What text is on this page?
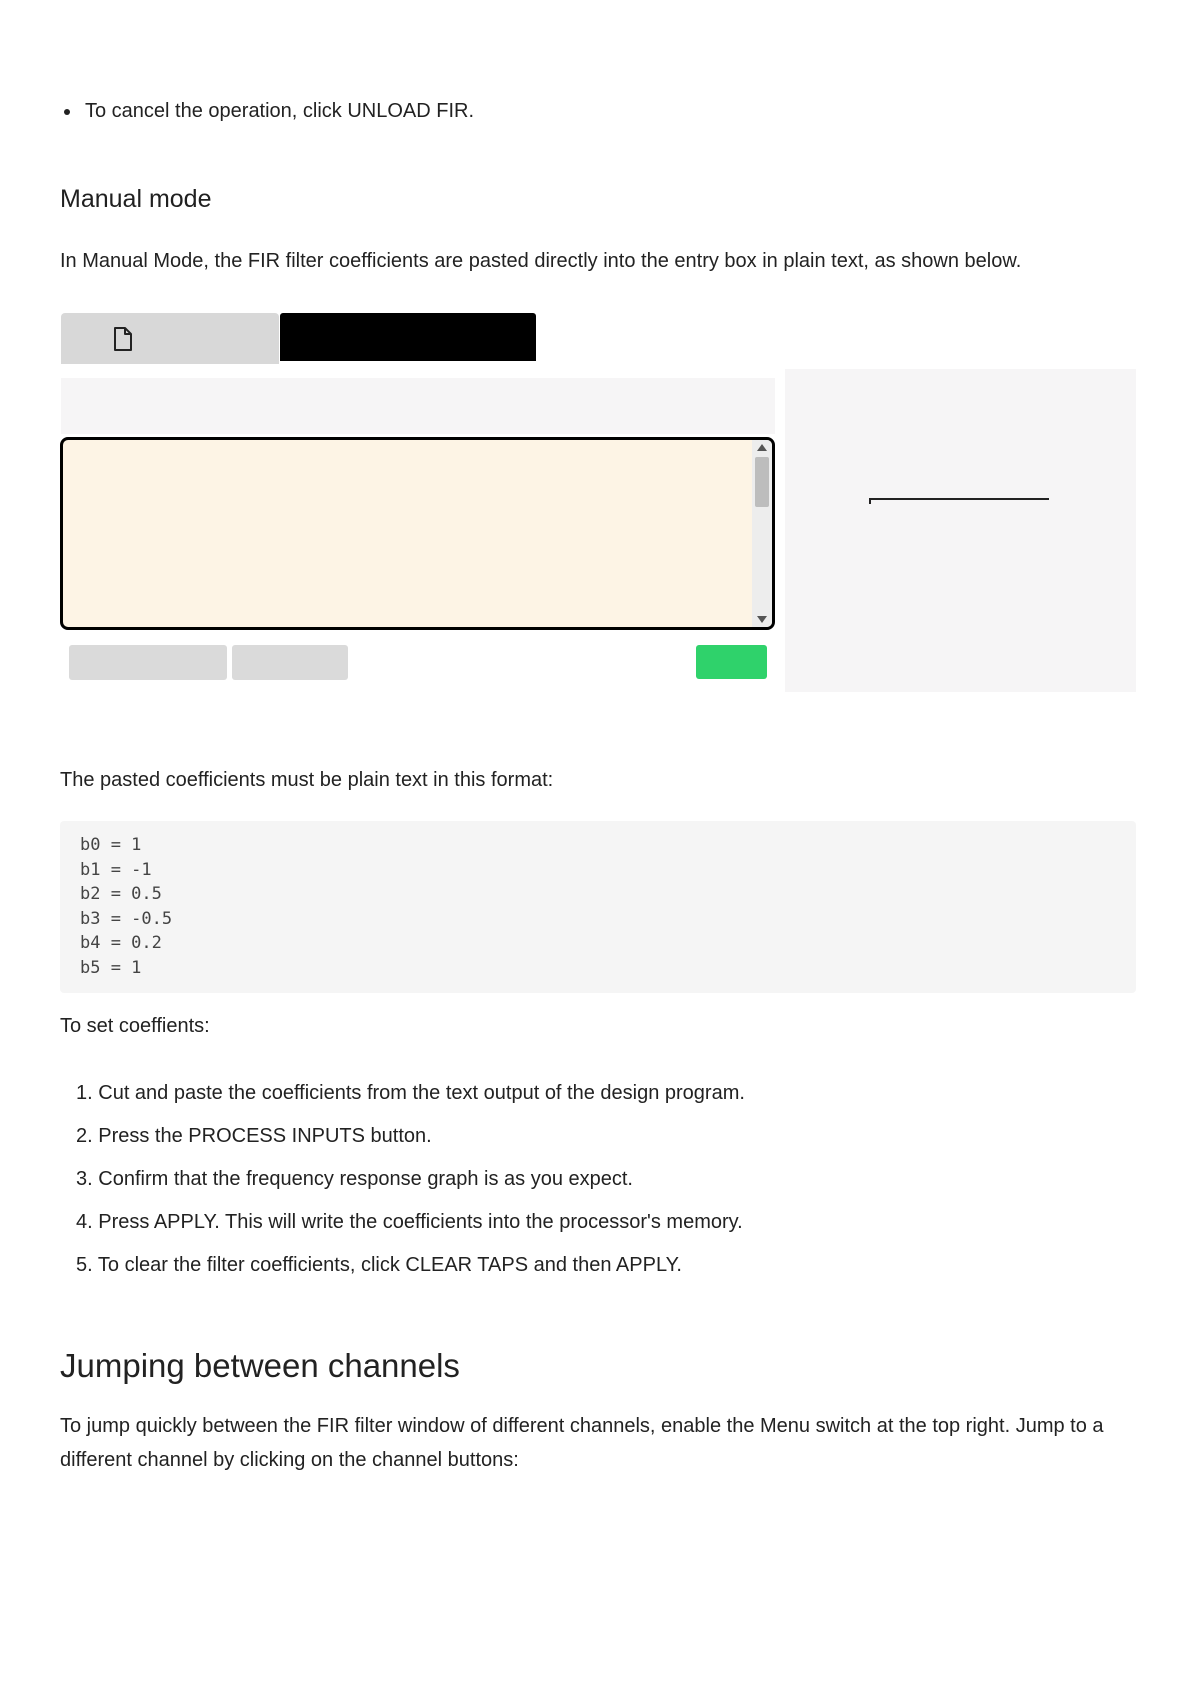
To cancel the operation, click UNLOAD FIR.
Manual mode

In Manual Mode, the FIR filter coefficients are pasted directly into the entry box in plain text, as shown below.

The pasted coefficients must be plain text in this format:

b0 = 1
b1 = -1
b2 = 0.5
b3 = -0.5
b4 = 0.2
b5 = 1

To set coeffients:

1. Cut and paste the coefficients from the text output of the design program.
2. Press the PROCESS INPUTS button.
3. Confirm that the frequency response graph is as you expect.
4. Press APPLY. This will write the coefficients into the processor's memory.
5. To clear the filter coefficients, click CLEAR TAPS and then APPLY.
Jumping between channels

To jump quickly between the FIR filter window of different channels, enable the Menu switch at the top right. Jump to a different channel by clicking on the channel buttons:
